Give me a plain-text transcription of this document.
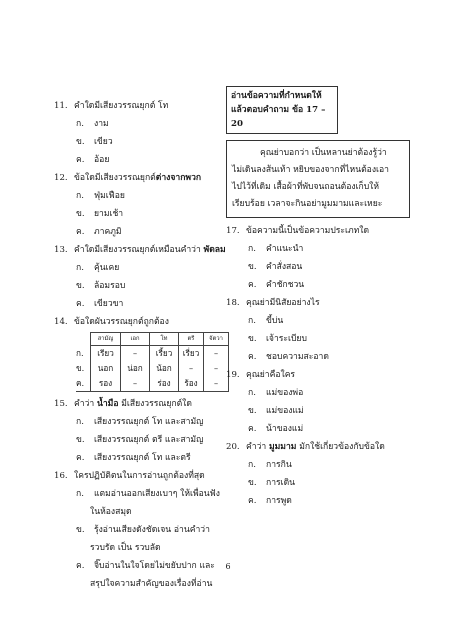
11. คำใดมีเสียงวรรณยุกต์ โท

ก. งาม

ข. เขียว

ค. อ้อย

12. ข้อใดมีเสียงวรรณยุกต์ต่างจากพวก

ก. ฟุ่มเฟือย

ข. ยามเช้า

ค. ภาคภูมิ

13. คำใดมีเสียงวรรณยุกต์เหมือนคำว่า พัดลม

ก. คุ้นเคย

ข. ล้อมรอบ

ค. เขียวขา

14. ข้อใดผันวรรณยุกต์ถูกต้อง

	สามัญ	เอก	โท	ตรี	จัตวา
ก.	เรียว	–	เรี้ยว	เรี่ยว	–
ข.	นอก	น่อก	น้อก	–	–
ค.	รอง	–	ร่อง	ร้อง	–

15. คำว่า น้ำมือ มีเสียงวรรณยุกต์ใด

ก. เสียงวรรณยุกต์ โท และสามัญ

ข. เสียงวรรณยุกต์ ตรี และสามัญ

ค. เสียงวรรณยุกต์ โท และตรี

16. ใครปฏิบัติตนในการอ่านถูกต้องที่สุด

ก. แตมอ่านออกเสียงเบาๆ ให้เพื่อนฟัง

ในห้องสมุด

ข. รุ้งอ่านเสียงดังชัดเจน อ่านคำว่า

รวบรัด เป็น รวบลัด

ค. จิ๊บอ่านในใจโดยไม่ขยับปาก และ

สรุปใจความสำคัญของเรื่องที่อ่าน

อ่านข้อความที่กำหนดให้ แล้วตอบคำถาม ข้อ 17 – 20
คุณย่าบอกว่า เป็นหลานย่าต้องรู้ว่า
ไม่เดินลงส้นเท้า หยิบของจากที่ไหนต้องเอา
ไปไว้ที่เดิม เสื้อผ้าที่พับจนถอนต้องเก็บให้
เรียบร้อย เวลาจะกินอย่ามูมมามและเหยะ

17. ข้อความนี้เป็นข้อความประเภทใด

ก. คำแนะนำ

ข. คำสั่งสอน

ค. คำชักชวน

18. คุณย่ามีนิสัยอย่างไร

ก. ขี้บ่น

ข. เจ้าระเบียบ

ค. ชอบความสะอาด

19. คุณย่าคือใคร

ก. แม่ของพ่อ

ข. แม่ของแม่

ค. น้าของแม่

20. คำว่า มูมมาม มักใช้เกี่ยวข้องกับข้อใด

ก. การกิน

ข. การเดิน

ค. การพูด

6
